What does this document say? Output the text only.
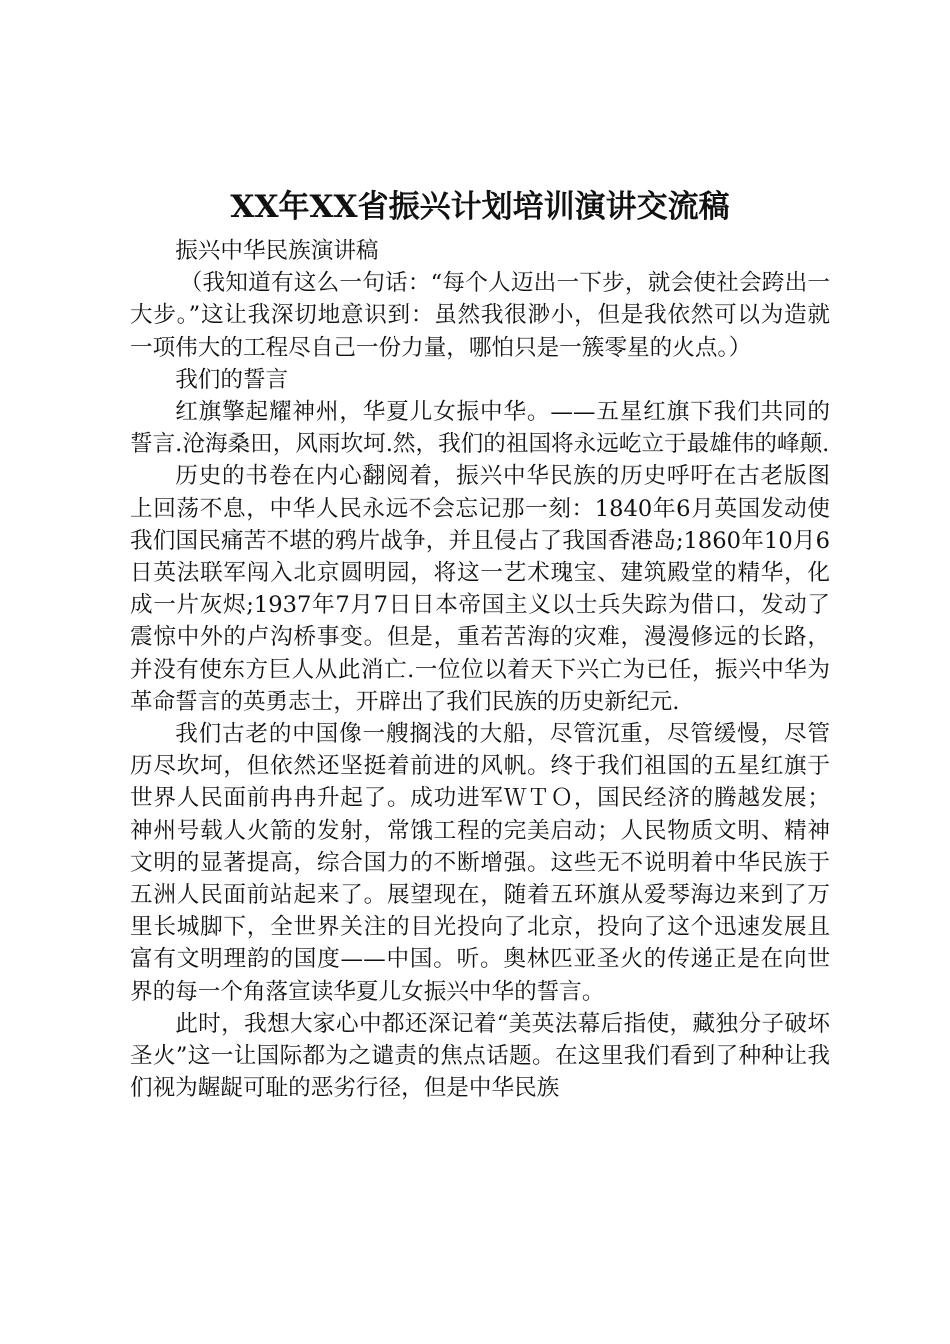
XX年XX省振兴计划培训演讲交流稿

振兴中华民族演讲稿

（我知道有这么一句话：“每个人迈出一下步，就会使社会跨出一大步。”这让我深切地意识到：虽然我很渺小，但是我依然可以为造就一项伟大的工程尽自己一份力量，哪怕只是一簇零星的火点。）

我们的誓言

红旗擎起耀神州，华夏儿女振中华。——五星红旗下我们共同的誓言.沧海桑田，风雨坎坷.然，我们的祖国将永远屹立于最雄伟的峰颠.

历史的书卷在内心翻阅着，振兴中华民族的历史呼吁在古老版图上回荡不息，中华人民永远不会忘记那一刻：1840年6月英国发动使我们国民痛苦不堪的鸦片战争，并且侵占了我国香港岛;1860年10月6日英法联军闯入北京圆明园，将这一艺术瑰宝、建筑殿堂的精华，化成一片灰烬;1937年7月7日日本帝国主义以士兵失踪为借口，发动了震惊中外的卢沟桥事变。但是，重若苦海的灾难，漫漫修远的长路，并没有使东方巨人从此消亡.一位位以着天下兴亡为已任，振兴中华为革命誓言的英勇志士，开辟出了我们民族的历史新纪元.

我们古老的中国像一艘搁浅的大船，尽管沉重，尽管缓慢，尽管历尽坎坷，但依然还坚挺着前进的风帆。终于我们祖国的五星红旗于世界人民面前冉冉升起了。成功进军ＷＴＯ，国民经济的腾越发展；神州号载人火箭的发射，常饿工程的完美启动；人民物质文明、精神文明的显著提高，综合国力的不断增强。这些无不说明着中华民族于五洲人民面前站起来了。展望现在，随着五环旗从爱琴海边来到了万里长城脚下，全世界关注的目光投向了北京，投向了这个迅速发展且富有文明理韵的国度——中国。听。奥林匹亚圣火的传递正是在向世界的每一个角落宣读华夏儿女振兴中华的誓言。

此时，我想大家心中都还深记着“美英法幕后指使，藏独分子破坏圣火”这一让国际都为之谴责的焦点话题。在这里我们看到了种种让我们视为龌龊可耻的恶劣行径，但是中华民族
